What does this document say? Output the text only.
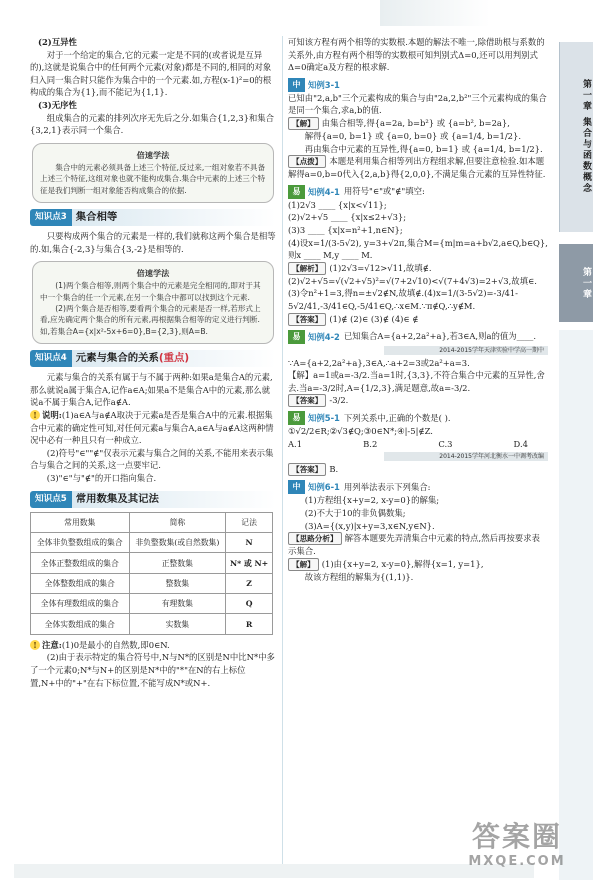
第一章 集合与函数概念
第一章

(2)互异性

对于一个给定的集合,它的元素一定是不同的(或者说是互异的),这就是说集合中的任何两个元素(对象)都是不同的,相同的对象归入同一集合时只能作为集合中的一个元素.如,方程(x-1)²=0的根构成的集合为{1},而不能记为{1,1}.

(3)无序性

组成集合的元素的排列次序无先后之分.如集合{1,2,3}和集合{3,2,1}表示同一个集合.

倍速学法

集合中的元素必须具备上述三个特征,反过来,一组对象若不具备上述三个特征,这组对象也就不能构成集合.集合中元素的上述三个特征是我们判断一组对象能否构成集合的依据.

知识点3 集合相等

只要构成两个集合的元素是一样的,我们就称这两个集合是相等的.如,集合{-2,3}与集合{3,-2}是相等的.

倍速学法

(1)两个集合相等,则两个集合中的元素是完全相同的,即对于其中一个集合的任一个元素,在另一个集合中都可以找到这个元素.

(2)两个集合是否相等,要看两个集合的元素是否一样,若形式上看,应先确定两个集合的所有元素,再根据集合相等的定义进行判断.如,若集合A={x|x²-5x+6=0},B={2,3},则A=B.

知识点4 元素与集合的关系(重点)

元素与集合的关系有属于与不属于两种:如果a是集合A的元素,那么就说a属于集合A,记作a∈A;如果a不是集合A中的元素,那么就说a不属于集合A,记作a∉A.

! 说明:(1)a∈A与a∉A取决于元素a是否是集合A中的元素.根据集合中元素的确定性可知,对任何元素a与集合A,a∈A与a∉A这两种情况中必有一种且只有一种成立.

(2)符号"∈""∉"仅表示元素与集合之间的关系,不能用来表示集合与集合之间的关系,这一点要牢记.

(3)"∈"与"∉"的开口指向集合.

知识点5 常用数集及其记法
常用数集	简称	记法
全体非负整数组成的集合	非负整数集(或自然数集)	N
全体正整数组成的集合	正整数集	N* 或 N+
全体整数组成的集合	整数集	Z
全体有理数组成的集合	有理数集	Q
全体实数组成的集合	实数集	R

! 注意:(1)0是最小的自然数,即0∈N.

(2)由于表示特定的集合符号中,N与N*的区别是N中比N*中多了一个元素0;N*与N+的区别是N*中的"*"在N的右上标位置,N+中的"+"在右下标位置,不能写成N*或N+.

可知该方程有两个相等的实数根.本题的解法不唯一,除借助根与系数的关系外,由方程有两个相等的实数根可知判别式Δ=0,还可以用判别式Δ=0确定a及方程的根求解.

中 知例3-1

已知由"2,a,b"三个元素构成的集合与由"2a,2,b²"三个元素构成的集合是同一个集合,求a,b的值.

【解】 由集合相等,得{a=2a, b=b²} 或 {a=b², b=2a},

解得{a=0, b=1} 或 {a=0, b=0} 或 {a=1/4, b=1/2}.

再由集合中元素的互异性,得{a=0, b=1} 或 {a=1/4, b=1/2}.

【点拨】 本题是利用集合相等列出方程组求解,但要注意检验.如本题解得a=0,b=0代入{2,a,b}得{2,0,0},不满足集合元素的互异性特征.

易 知例4-1 用符号"∈"或"∉"填空:

(1)2√3 ____ {x|x<√11};

(2)√2+√5 ____ {x|x≤2+√3};

(3)3 ____ {x|x=n²+1,n∈N};

(4)设x=1/(3-5√2), y=3+√2π,集合M={m|m=a+b√2,a∈Q,b∈Q},则x ____ M,y ____ M.

【解析】 (1)2√3=√12>√11,故填∉.(2)√2+√5=√(√2+√5)²=√(7+2√10)<√(7+4√3)=2+√3,故填∈.(3)令n²+1=3,得n=±√2∉N,故填∉.(4)x=1/(3-5√2)=-3/41-5√2/41,-3/41∈Q,-5/41∈Q,∴x∈M.∵π∉Q,∴y∉M.

【答案】 (1)∉ (2)∈ (3)∉ (4)∈ ∉

易 知例4-2 已知集合A={a+2,2a²+a},若3∈A,则a的值为____.
2014-2015学年天津实验中学高一期中

∵A={a+2,2a²+a},3∈A,∴a+2=3或2a²+a=3.

【解】a=1或a=-3/2.当a=1时,{3,3},不符合集合中元素的互异性,舍去.当a=-3/2时,A={1/2,3},满足题意,故a=-3/2.

【答案】 -3/2.

易 知例5-1 下列关系中,正确的个数是( ).

①√2/2∈R;②√3∉Q;③0∈N*;④|-5|∉Z.

A.1	B.2	C.3	D.4

2014-2015学年河北衡水一中调考改编

【答案】 B.

中 知例6-1 用列举法表示下列集合:

(1)方程组{x+y=2, x-y=0}的解集;

(2)不大于10的非负偶数集;

(3)A={(x,y)|x+y=3,x∈N,y∈N}.

【思路分析】 解答本题要先弄清集合中元素的特点,然后再按要求表示集合.

【解】 (1)由{x+y=2, x-y=0},解得{x=1, y=1},

故该方程组的解集为{(1,1)}.

答案圈
MXQE.COM
